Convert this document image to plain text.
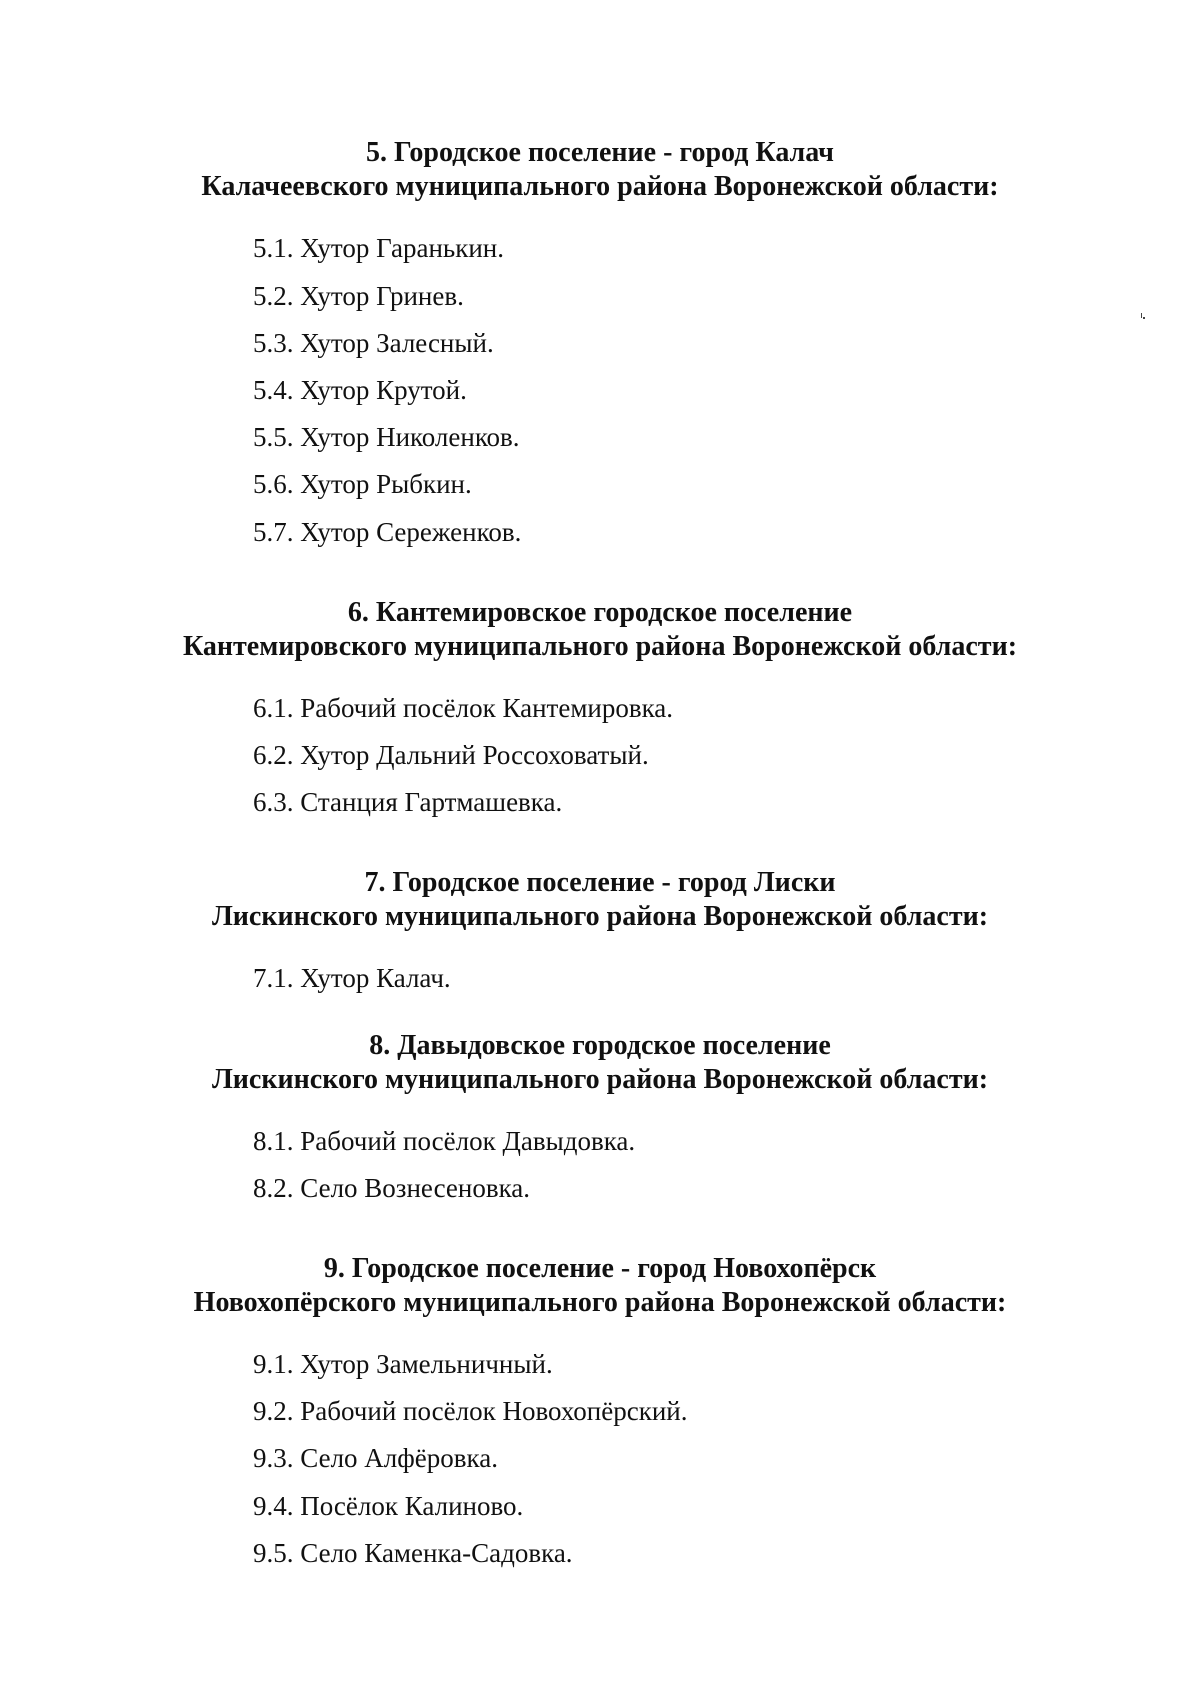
5. Городское поселение - город Калач
Калачеевского муниципального района Воронежской области:
5.1. Хутор Гаранькин.
5.2. Хутор Гринев.
5.3. Хутор Залесный.
5.4. Хутор Крутой.
5.5. Хутор Николенков.
5.6. Хутор Рыбкин.
5.7. Хутор Сереженков.
6. Кантемировское городское поселение
Кантемировского муниципального района Воронежской области:
6.1. Рабочий посёлок Кантемировка.
6.2. Хутор Дальний Россоховатый.
6.3. Станция Гартмашевка.
7. Городское поселение - город Лиски
Лискинского муниципального района Воронежской области:
7.1. Хутор Калач.
8. Давыдовское городское поселение
Лискинского муниципального района Воронежской области:
8.1. Рабочий посёлок Давыдовка.
8.2. Село Вознесеновка.
9. Городское поселение - город Новохопёрск
Новохопёрского муниципального района Воронежской области:
9.1. Хутор Замельничный.
9.2. Рабочий посёлок Новохопёрский.
9.3. Село Алфёровка.
9.4. Посёлок Калиново.
9.5. Село Каменка-Садовка.
